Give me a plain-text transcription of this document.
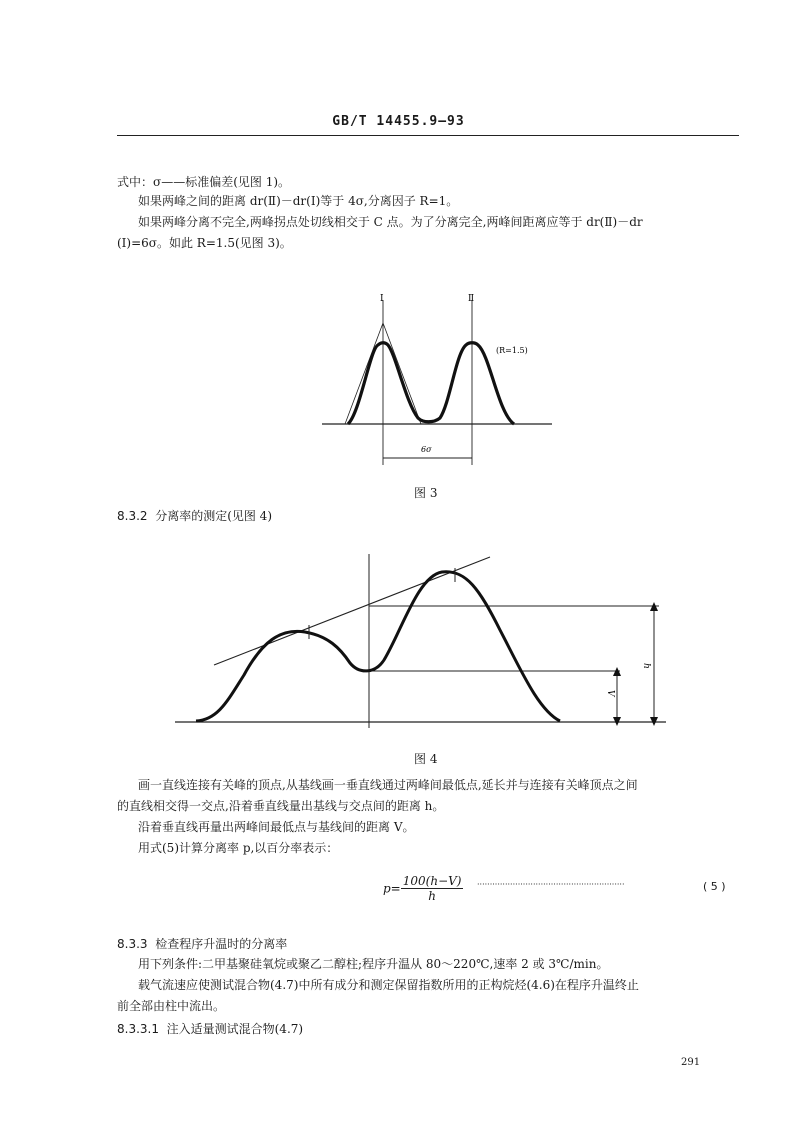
GB/T 14455.9—93
式中：σ——标准偏差(见图 1)。
如果两峰之间的距离 dr(Ⅱ)－dr(Ⅰ)等于 4σ,分离因子 R=1。
如果两峰分离不完全,两峰拐点处切线相交于 C 点。为了分离完全,两峰间距离应等于 dr(Ⅱ)－dr
(Ⅰ)=6σ。如此 R=1.5(见图 3)。
Ⅰ	Ⅱ
(R=1.5)
6σ
图 3
8.3.2 分离率的测定(见图 4)
h
V
图 4
画一直线连接有关峰的顶点,从基线画一垂直线通过两峰间最低点,延长并与连接有关峰顶点之间
的直线相交得一交点,沿着垂直线量出基线与交点间的距离 h。
沿着垂直线再量出两峰间最低点与基线间的距离 V。
用式(5)计算分离率 p,以百分率表示：
$p= \frac{100(h-V)}{h}$ ··························································	( 5 )
8.3.3 检查程序升温时的分离率
用下列条件:二甲基聚硅氧烷或聚乙二醇柱;程序升温从 80～220℃,速率 2 或 3℃/min。
载气流速应使测试混合物(4.7)中所有成分和测定保留指数所用的正构烷烃(4.6)在程序升温终止
前全部由柱中流出。
8.3.3.1 注入适量测试混合物(4.7)
291
